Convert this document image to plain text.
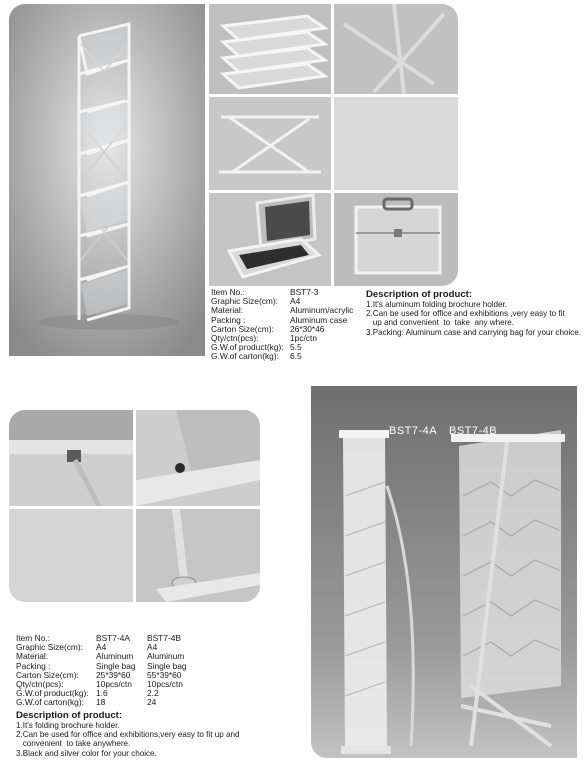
Item No.:	BST7-3
Graphic Size(cm):	A4
Material:	Aluminum/acrylic
Packing :	Aluminum case
Carton Size(cm):	26*30*46
Qty/ctn(pcs):	1pc/ctn
G.W.of product(kg): 5.5
G.W.of carton(kg):	6.5
Description of product:
1.It's aluminum folding brochure holder.
2.Can be used for office and exhibitions ,very easy to fit
up and convenient  to  take  any where.
3.Packing: Aluminum case and carrying bag for your choice.
BST7-4A BST7-4B
Item No.:	BST7-4A	BST7-4B
Graphic Size(cm):	A4	A4
Material:	Aluminum	Aluminum
Packing :	Single bag	Single bag
Carton Size(cm):	25*39*60	55*39*60
Qty/ctn(pcs):	10pcs/ctn	10pcs/ctn
G.W.of product(kg): 1.6	2.2
G.W.of carton(kg):	18	24
Description of product:
1.It's folding brochure holder.
2.Can be used for office and exhibitions,very easy to fit up and
convenient  to take anywhere.
3.Black and silver color for your choice.
